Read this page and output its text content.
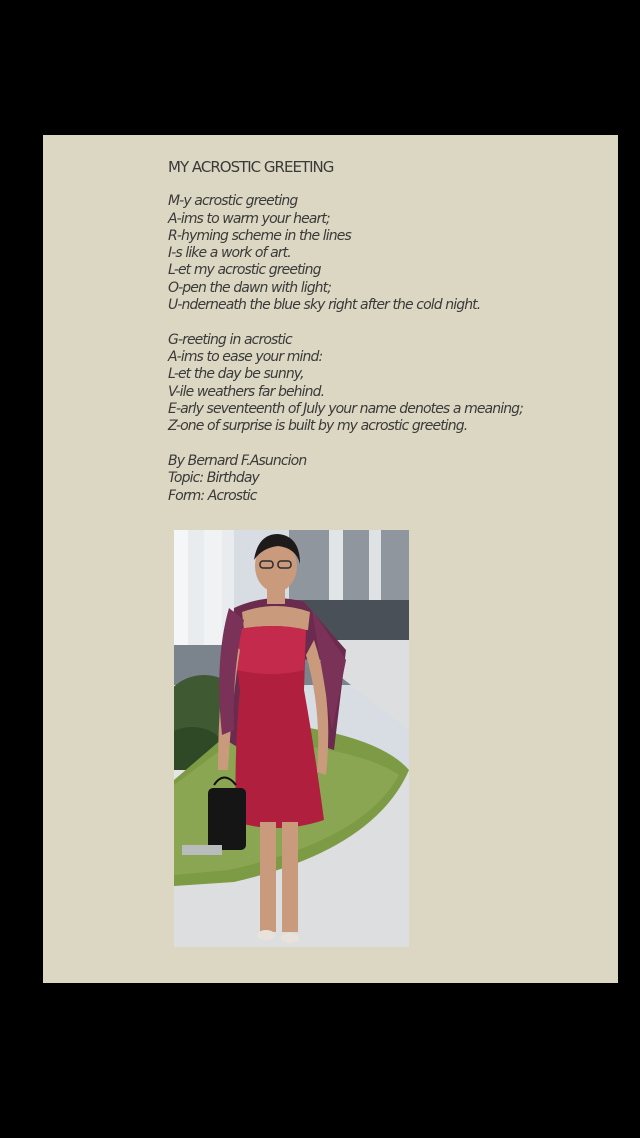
MY ACROSTIC GREETING
M-y acrostic greeting
A-ims to warm your heart;
R-hyming scheme in the lines
I-s like a work of art.
L-et my acrostic greeting
O-pen the dawn with light;
U-nderneath the blue sky right after the cold night.
G-reeting in acrostic
A-ims to ease your mind:
L-et the day be sunny,
V-ile weathers far behind.
E-arly seventeenth of July your name denotes a meaning;
Z-one of surprise is built by my acrostic greeting.
By Bernard F.Asuncion
Topic: Birthday
Form: Acrostic
